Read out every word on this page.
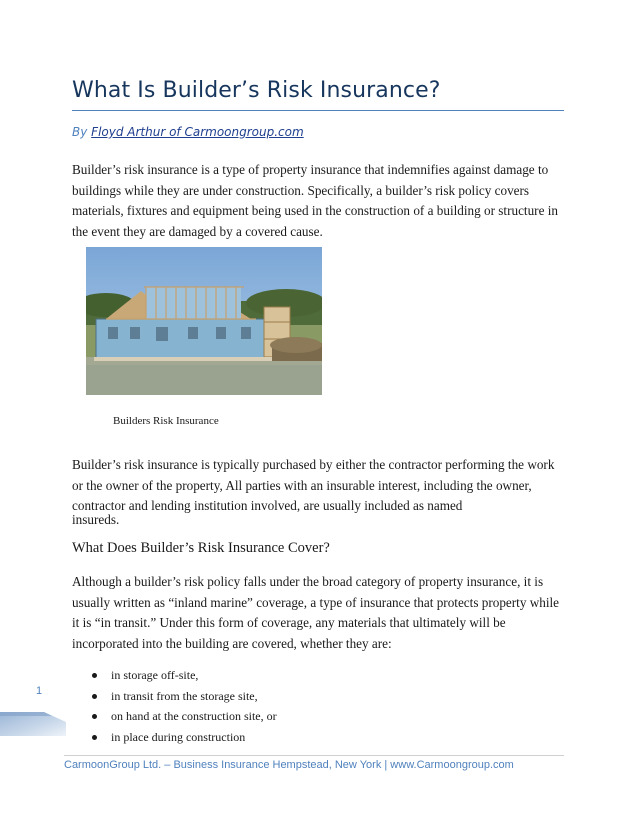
What Is Builder’s Risk Insurance?

By Floyd Arthur of Carmoongroup.com

Builder’s risk insurance is a type of property insurance that indemnifies against damage to buildings while they are under construction. Specifically, a builder’s risk policy covers materials, fixtures and equipment being used in the construction of a building or structure in the event they are damaged by a covered cause.

Builders Risk Insurance

Builder’s risk insurance is typically purchased by either the contractor performing the work or the owner of the property, All parties with an insurable interest, including the owner, contractor and lending institution involved, are usually included as named

insureds.

What Does Builder’s Risk Insurance Cover?

Although a builder’s risk policy falls under the broad category of property insurance, it is usually written as “inland marine” coverage, a type of insurance that protects property while it is “in transit.” Under this form of coverage, any materials that ultimately will be incorporated into the building are covered, whether they are:

in storage off-site,
in transit from the storage site,
on hand at the construction site, or
in place during construction

1

CarmoonGroup Ltd. – Business Insurance Hempstead, New York | www.Carmoongroup.com
